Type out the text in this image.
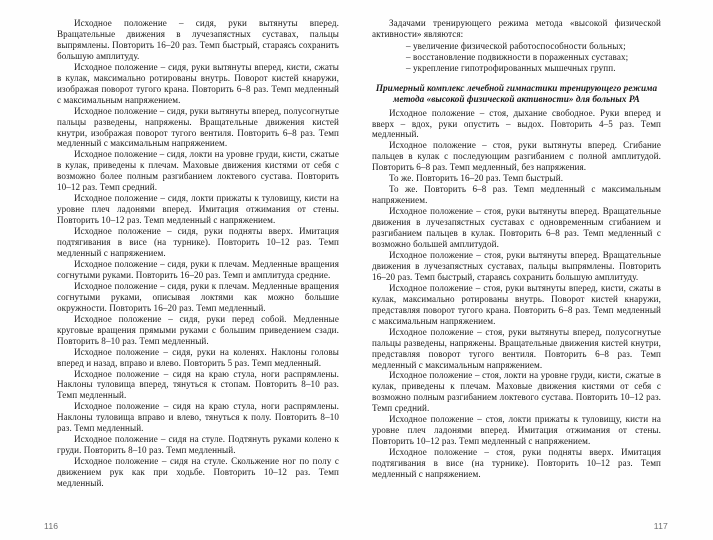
Исходное положение – сидя, руки вытянуты вперед. Вращательные движения в лучезапястных суставах, пальцы выпрямлены. Повторить 16–20 раз. Темп быстрый, стараясь сохранить большую амплитуду.

Исходное положение – сидя, руки вытянуты вперед, кисти, сжаты в кулак, максимально ротированы внутрь. Поворот кистей кнаружи, изображая поворот тугого крана. Повторить 6–8 раз. Темп медленный с максимальным напряжением.

Исходное положение – сидя, руки вытянуты вперед, полусогнутые пальцы разведены, напряжены. Вращательные движения кистей кнутри, изображая поворот тугого вентиля. Повторить 6–8 раз. Темп медленный с максимальным напряжением.

Исходное положение – сидя, локти на уровне груди, кисти, сжатые в кулак, приведены к плечам. Маховые движения кистями от себя с возможно более полным разгибанием локтевого сустава. Повторить 10–12 раз. Темп средний.

Исходное положение – сидя, локти прижаты к туловищу, кисти на уровне плеч ладонями вперед. Имитация отжимания от стены. Повторить 10–12 раз. Темп медленный с напряжением.

Исходное положение – сидя, руки подняты вверх. Имитация подтягивания в висе (на турнике). Повторить 10–12 раз. Темп медленный с напряжением.

Исходное положение – сидя, руки к плечам. Медленные вращения согнутыми руками. Повторить 16–20 раз. Темп и амплитуда средние.

Исходное положение – сидя, руки к плечам. Медленные вращения согнутыми руками, описывая локтями как можно большие окружности. Повторить 16–20 раз. Темп медленный.

Исходное положение – сидя, руки перед собой. Медленные круговые вращения прямыми руками с большим приведением сзади. Повторить 8–10 раз. Темп медленный.

Исходное положение – сидя, руки на коленях. Наклоны головы вперед и назад, вправо и влево. Повторить 5 раз. Темп медленный.

Исходное положение – сидя на краю стула, ноги распрямлены. Наклоны туловища вперед, тянуться к стопам. Повторить 8–10 раз. Темп медленный.

Исходное положение – сидя на краю стула, ноги распрямлены. Наклоны туловища вправо и влево, тянуться к полу. Повторить 8–10 раз. Темп медленный.

Исходное положение – сидя на стуле. Подтянуть руками колено к груди. Повторить 8–10 раз. Темп медленный.

Исходное положение – сидя на стуле. Скольжение ног по полу с движением рук как при ходьбе. Повторить 10–12 раз. Темп медленный.

116

Задачами тренирующего режима метода «высокой физической активности» являются:

– увеличение физической работоспособности больных;
– восстановление подвижности в пораженных суставах;
– укрепление гипотрофированных мышечных групп.
Примерный комплекс лечебной гимнастики тренирующего режима метода «высокой физической активности» для больных РА

Исходное положение – стоя, дыхание свободное. Руки вперед и вверх – вдох, руки опустить – выдох. Повторить 4–5 раз. Темп медленный.

Исходное положение – стоя, руки вытянуты вперед. Сгибание пальцев в кулак с последующим разгибанием с полной амплитудой. Повторить 6–8 раз. Темп медленный, без напряжения.

То же. Повторить 16–20 раз. Темп быстрый.

То же. Повторить 6–8 раз. Темп медленный с максимальным напряжением.

Исходное положение – стоя, руки вытянуты вперед. Вращательные движения в лучезапястных суставах с одновременным сгибанием и разгибанием пальцев в кулак. Повторить 6–8 раз. Темп медленный с возможно большей амплитудой.

Исходное положение – стоя, руки вытянуты вперед. Вращательные движения в лучезапястных суставах, пальцы выпрямлены. Повторить 16–20 раз. Темп быстрый, стараясь сохранить большую амплитуду.

Исходное положение – стоя, руки вытянуты вперед, кисти, сжаты в кулак, максимально ротированы внутрь. Поворот кистей кнаружи, представляя поворот тугого крана. Повторить 6–8 раз. Темп медленный с максимальным напряжением.

Исходное положение – стоя, руки вытянуты вперед, полусогнутые пальцы разведены, напряжены. Вращательные движения кистей кнутри, представляя поворот тугого вентиля. Повторить 6–8 раз. Темп медленный с максимальным напряжением.

Исходное положение – стоя, локти на уровне груди, кисти, сжатые в кулак, приведены к плечам. Маховые движения кистями от себя с возможно полным разгибанием локтевого сустава. Повторить 10–12 раз. Темп средний.

Исходное положение – стоя, локти прижаты к туловищу, кисти на уровне плеч ладонями вперед. Имитация отжимания от стены. Повторить 10–12 раз. Темп медленный с напряжением.

Исходное положение – стоя, руки подняты вверх. Имитация подтягивания в висе (на турнике). Повторить 10–12 раз. Темп медленный с напряжением.

117
